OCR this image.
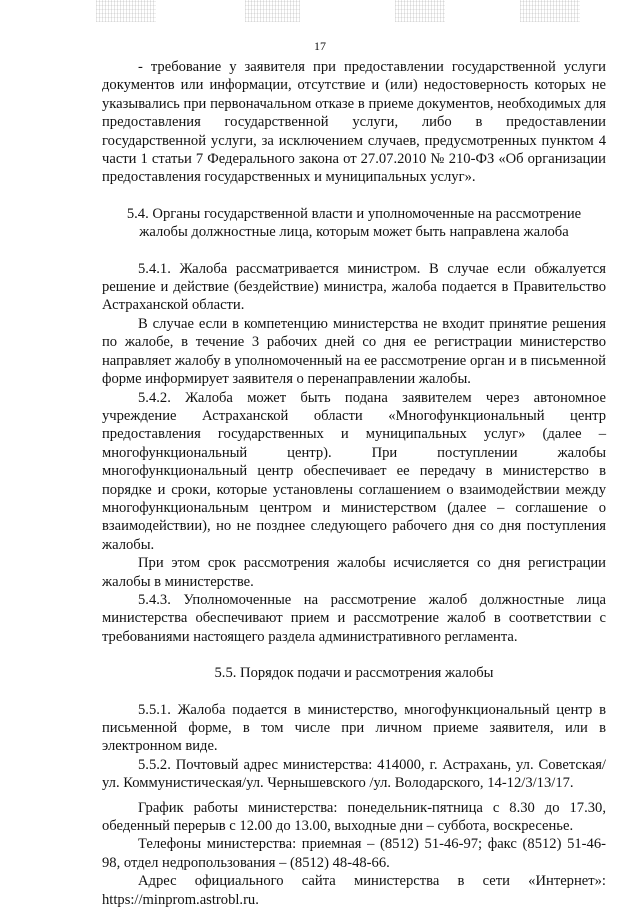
17

- требование у заявителя при предоставлении государственной услуги документов или информации, отсутствие и (или) недостоверность которых не указывались при первоначальном отказе в приеме документов, необходимых для предоставления государственной услуги, либо в предоставлении государственной услуги, за исключением случаев, предусмотренных пунктом 4 части 1 статьи 7 Федерального закона от 27.07.2010 № 210-ФЗ «Об организации предоставления государственных и муниципальных услуг».

5.4. Органы государственной власти и уполномоченные на рассмотрение жалобы должностные лица, которым может быть направлена жалоба

5.4.1. Жалоба рассматривается министром. В случае если обжалуется решение и действие (бездействие) министра, жалоба подается в Правительство Астраханской области.

В случае если в компетенцию министерства не входит принятие решения по жалобе, в течение 3 рабочих дней со дня ее регистрации министерство направляет жалобу в уполномоченный на ее рассмотрение орган и в письменной форме информирует заявителя о перенаправлении жалобы.

5.4.2. Жалоба может быть подана заявителем через автономное учреждение Астраханской области «Многофункциональный центр предоставления государственных и муниципальных услуг» (далее – многофункциональный центр). При поступлении жалобы многофункциональный центр обеспечивает ее передачу в министерство в порядке и сроки, которые установлены соглашением о взаимодействии между многофункциональным центром и министерством (далее – соглашение о взаимодействии), но не позднее следующего рабочего дня со дня поступления жалобы.

При этом срок рассмотрения жалобы исчисляется со дня регистрации жалобы в министерстве.

5.4.3. Уполномоченные на рассмотрение жалоб должностные лица министерства обеспечивают прием и рассмотрение жалоб в соответствии с требованиями настоящего раздела административного регламента.

5.5. Порядок подачи и рассмотрения жалобы

5.5.1. Жалоба подается в министерство, многофункциональный центр в письменной форме, в том числе при личном приеме заявителя, или в электронном виде.

5.5.2. Почтовый адрес министерства: 414000, г. Астрахань, ул. Советская/ул. Коммунистическая/ул. Чернышевского /ул. Володарского, 14-12/3/13/17.

График работы министерства: понедельник-пятница с 8.30 до 17.30, обеденный перерыв с 12.00 до 13.00, выходные дни – суббота, воскресенье.

Телефоны министерства: приемная – (8512) 51-46-97; факс (8512) 51-46-98, отдел недропользования – (8512) 48-48-66.

Адрес официального сайта министерства в сети «Интернет»: https://minprom.astrobl.ru.
